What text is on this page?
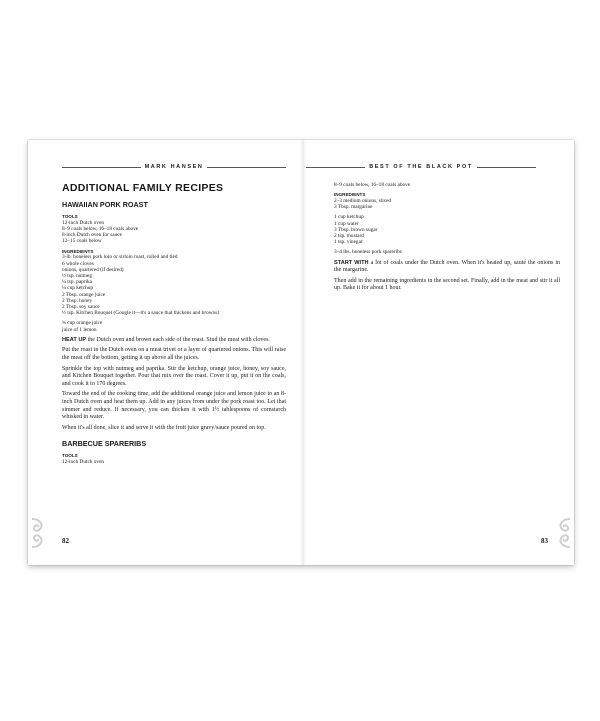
MARK HANSEN
ADDITIONAL FAMILY RECIPES
HAWAIIAN PORK ROAST
TOOLS
12-inch Dutch oven
8–9 coals below, 16–18 coals above
8-inch Dutch oven for sauce
12–15 coals below
INGREDIENTS
3-lb. boneless pork loin or sirloin roast, rolled and tied
6 whole cloves
onions, quartered (if desired)
½ tsp. nutmeg
¼ tsp. paprika
¼ cup ketchup
2 Tbsp. orange juice
2 Tbsp. honey
2 Tbsp. soy sauce
½ tsp. Kitchen Bouquet (Google it—it's a sauce that thickens and browns)
¾ cup orange juice
juice of 1 lemon

HEAT UP the Dutch oven and brown each side of the roast. Stud the meat with cloves.

Put the roast in the Dutch oven on a meat trivet or a layer of quartered onions. This will raise the meat off the bottom, getting it up above all the juices.

Sprinkle the top with nutmeg and paprika. Stir the ketchup, orange juice, honey, soy sauce, and Kitchen Bouquet together. Pour that mix over the roast. Cover it up, put it on the coals, and cook it to 170 degrees.

Toward the end of the cooking time, add the additional orange juice and lemon juice to an 8-inch Dutch oven and heat them up. Add in any juices from under the pork roast too. Let that simmer and reduce. If necessary, you can thicken it with 1½ tablespoons of cornstarch whisked in water.

When it's all done, slice it and serve it with the fruit juice gravy/sauce poured on top.

BARBECUE SPARERIBS
TOOLS
12-inch Dutch oven
82
BEST OF THE BLACK POT
8–9 coals below, 16–18 coals above
INGREDIENTS
2–3 medium onions, sliced
3 Tbsp. margarine
1 cup ketchup
1 cup water
3 Tbsp. brown sugar
2 tsp. mustard
1 tsp. vinegar
3–4 lbs. boneless pork spareribs

START WITH a lot of coals under the Dutch oven. When it's heated up, sauté the onions in the margarine.

Then add in the remaining ingredients in the second set. Finally, add in the meat and stir it all up. Bake it for about 1 hour.

83
